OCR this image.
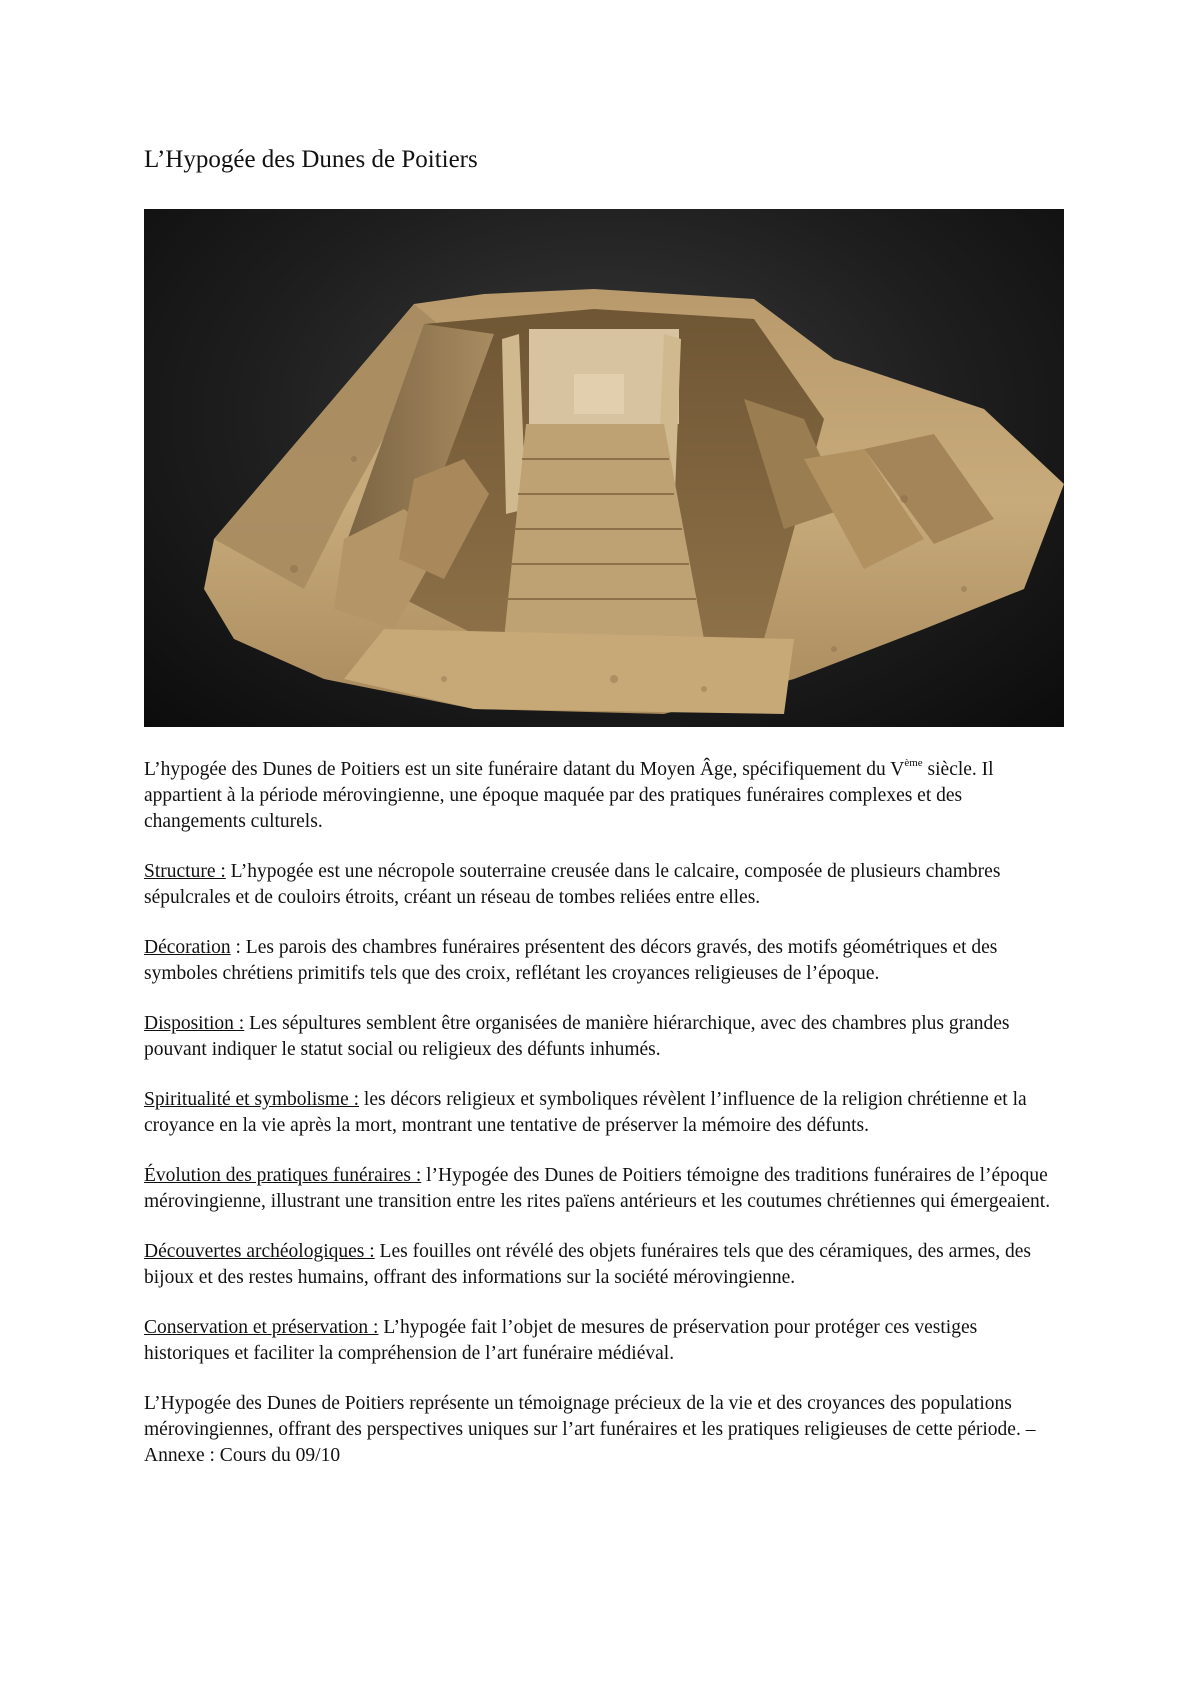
L’Hypogée des Dunes de Poitiers

L’hypogée des Dunes de Poitiers est un site funéraire datant du Moyen Âge, spécifiquement du Vème siècle. Il appartient à la période mérovingienne, une époque maquée par des pratiques funéraires complexes et des changements culturels.

Structure : L’hypogée est une nécropole souterraine creusée dans le calcaire, composée de plusieurs chambres sépulcrales et de couloirs étroits, créant un réseau de tombes reliées entre elles.

Décoration : Les parois des chambres funéraires présentent des décors gravés, des motifs géométriques et des symboles chrétiens primitifs tels que des croix, reflétant les croyances religieuses de l’époque.

Disposition : Les sépultures semblent être organisées de manière hiérarchique, avec des chambres plus grandes pouvant indiquer le statut social ou religieux des défunts inhumés.

Spiritualité et symbolisme : les décors religieux et symboliques révèlent l’influence de la religion chrétienne et la croyance en la vie après la mort, montrant une tentative de préserver la mémoire des défunts.

Évolution des pratiques funéraires : l’Hypogée des Dunes de Poitiers témoigne des traditions funéraires de l’époque mérovingienne, illustrant une transition entre les rites païens antérieurs et les coutumes chrétiennes qui émergeaient.

Découvertes archéologiques : Les fouilles ont révélé des objets funéraires tels que des céramiques, des armes, des bijoux et des restes humains, offrant des informations sur la société mérovingienne.

Conservation et préservation : L’hypogée fait l’objet de mesures de préservation pour protéger ces vestiges historiques et faciliter la compréhension de l’art funéraire médiéval.

L’Hypogée des Dunes de Poitiers représente un témoignage précieux de la vie et des croyances des populations mérovingiennes, offrant des perspectives uniques sur l’art funéraires et les pratiques religieuses de cette période. – Annexe : Cours du 09/10
